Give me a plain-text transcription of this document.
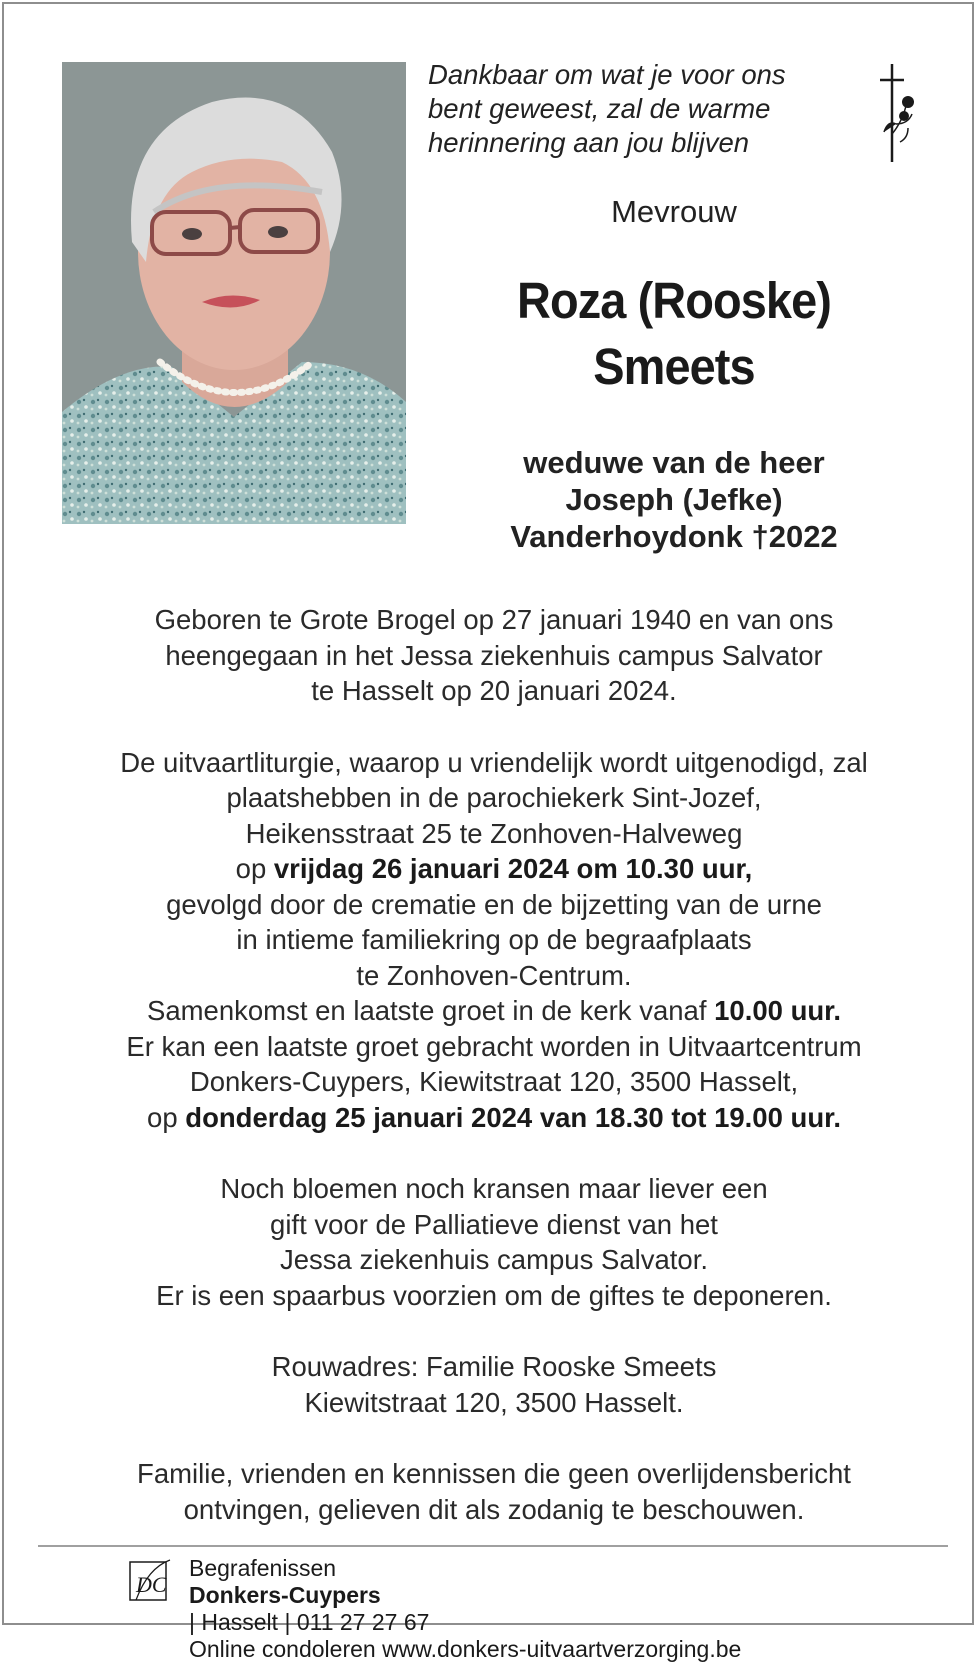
Dankbaar om wat je voor ons
bent geweest, zal de warme
herinnering aan jou blijven
Mevrouw
Roza (Rooske)
Smeets
weduwe van de heer
Joseph (Jefke)
Vanderhoydonk †2022
Geboren te Grote Brogel op 27 januari 1940 en van ons
heengegaan in het Jessa ziekenhuis campus Salvator
te Hasselt op 20 januari 2024.
De uitvaartliturgie, waarop u vriendelijk wordt uitgenodigd, zal
plaatshebben in de parochiekerk Sint-Jozef,
Heikensstraat 25 te Zonhoven-Halveweg
op vrijdag 26 januari 2024 om 10.30 uur,
gevolgd door de crematie en de bijzetting van de urne
in intieme familiekring op de begraafplaats
te Zonhoven-Centrum.
Samenkomst en laatste groet in de kerk vanaf 10.00 uur.
Er kan een laatste groet gebracht worden in Uitvaartcentrum
Donkers-Cuypers, Kiewitstraat 120, 3500 Hasselt,
op donderdag 25 januari 2024 van 18.30 tot 19.00 uur.
Noch bloemen noch kransen maar liever een
gift voor de Palliatieve dienst van het
Jessa ziekenhuis campus Salvator.
Er is een spaarbus voorzien om de giftes te deponeren.
Rouwadres: Familie Rooske Smeets
Kiewitstraat 120, 3500 Hasselt.
Familie, vrienden en kennissen die geen overlijdensbericht
ontvingen, gelieven dit als zodanig te beschouwen.
DC
Begrafenissen
Donkers-Cuypers
| Hasselt | 011 27 27 67
Online condoleren www.donkers-uitvaartverzorging.be
